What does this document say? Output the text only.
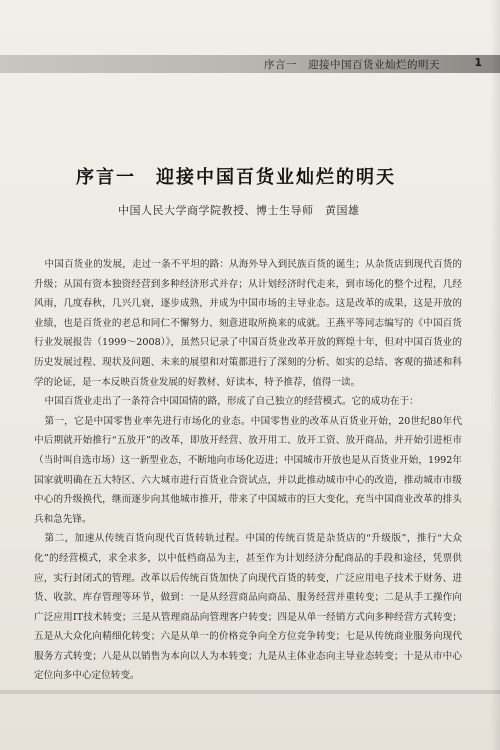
序言一　迎接中国百货业灿烂的明天	1
序言一　迎接中国百货业灿烂的明天
中国人民大学商学院教授、博士生导师　黄国雄

中国百货业的发展，走过一条不平坦的路：从海外导入到民族百货的诞生；从杂货店到现代百货的升级；从国有资本独资经营到多种经济形式并存；从计划经济时代走来，到市场化的整个过程，几经风雨，几度春秋，几兴几衰，逐步成熟，并成为中国市场的主导业态。这是改革的成果，这是开放的业绩，也是百货业的老总和同仁不懈努力、刻意进取所换来的成就。王燕平等同志编写的《中国百货行业发展报告（1999～2008）》，虽然只记录了中国百货业改革开放的辉煌十年，但对中国百货业的历史发展过程、现状及问题、未来的展望和对策都进行了深刻的分析、如实的总结、客观的描述和科学的论证，是一本反映百货业发展的好教材、好读本，特予推荐，值得一读。

中国百货业走出了一条符合中国国情的路，形成了自己独立的经营模式。它的成功在于：

第一，它是中国零售业率先进行市场化的业态。中国零售业的改革从百货业开始，20世纪80年代中后期就开始推行“五放开”的改革，即放开经营、放开用工、放开工资、放开商品，并开始引进柜市（当时叫自选市场）这一新型业态，不断地向市场化迈进；中国城市开放也是从百货业开始，1992年国家就明确在五大特区、六大城市进行百货业合资试点，并以此推动城市中心的改造，推动城市市级中心的升级换代，继而逐步向其他城市推开，带来了中国城市的巨大变化，充当中国商业改革的排头兵和急先锋。

第二，加速从传统百货向现代百货转轨过程。中国的传统百货是杂货店的“升级版”，推行“大众化”的经营模式，求全求多，以中低档商品为主，甚至作为计划经济分配商品的手段和途径，凭票供应，实行封闭式的管理。改革以后传统百货加快了向现代百货的转变，广泛应用电子技术于财务、进货、收款、库存管理等环节，做到：一是从经营商品向商品、服务经营并重转变；二是从手工操作向广泛应用IT技术转变；三是从管理商品向管理客户转变；四是从单一经销方式向多种经营方式转变；五是从大众化向精细化转变；六是从单一的价格竞争向全方位竞争转变；七是从传统商业服务向现代服务方式转变；八是从以销售为本向以人为本转变；九是从主体业态向主导业态转变；十是从市中心定位向多中心定位转变。
